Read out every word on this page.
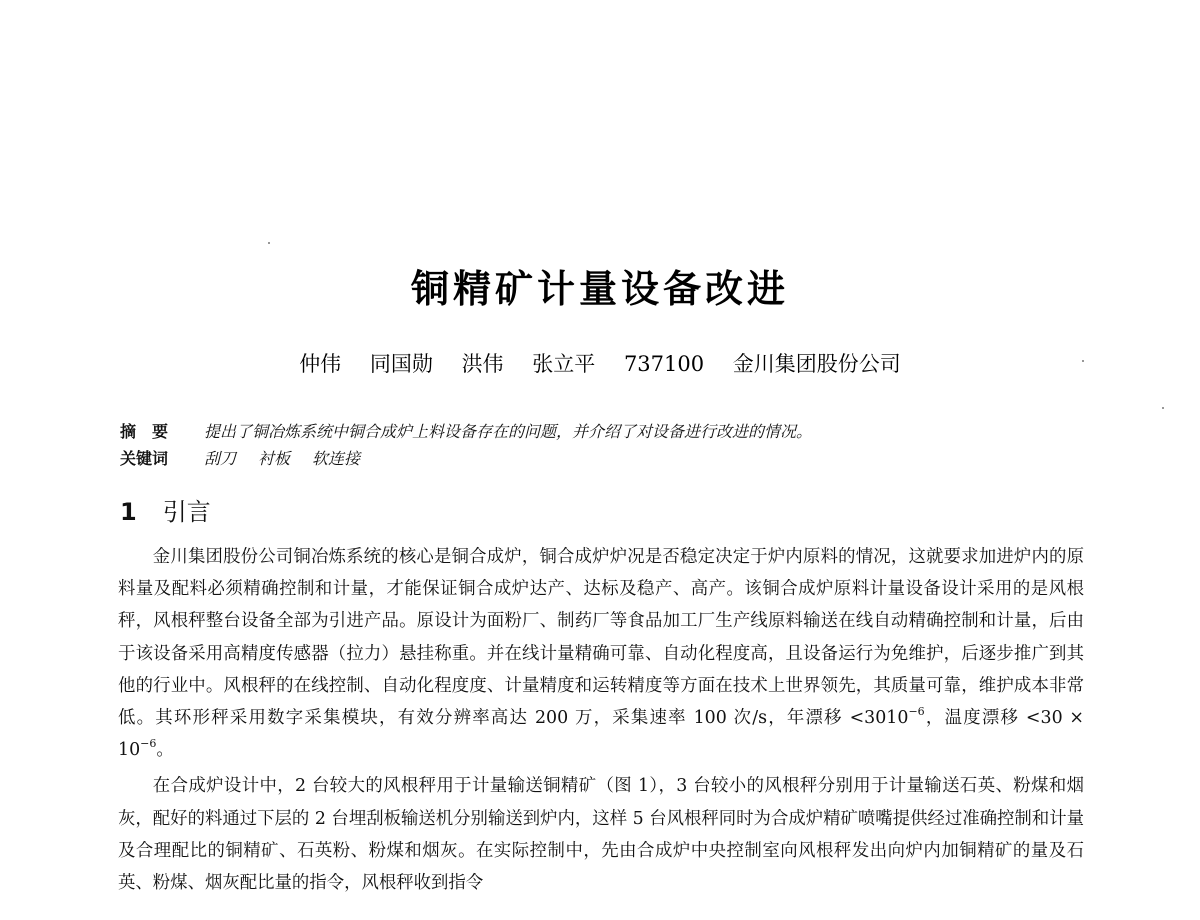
铜精矿计量设备改进
仲伟 同国勋 洪伟 张立平 737100 金川集团股份公司
摘　要 提出了铜冶炼系统中铜合成炉上料设备存在的问题，并介绍了对设备进行改进的情况。
关键词 刮刀 衬板 软连接
1 引言

金川集团股份公司铜冶炼系统的核心是铜合成炉，铜合成炉炉况是否稳定决定于炉内原料的情况，这就要求加进炉内的原料量及配料必须精确控制和计量，才能保证铜合成炉达产、达标及稳产、高产。该铜合成炉原料计量设备设计采用的是风根秤，风根秤整台设备全部为引进产品。原设计为面粉厂、制药厂等食品加工厂生产线原料输送在线自动精确控制和计量，后由于该设备采用高精度传感器（拉力）悬挂称重。并在线计量精确可靠、自动化程度高，且设备运行为免维护，后逐步推广到其他的行业中。风根秤的在线控制、自动化程度度、计量精度和运转精度等方面在技术上世界领先，其质量可靠，维护成本非常低。其环形秤采用数字采集模块，有效分辨率高达 200 万，采集速率 100 次/s，年漂移 $<3010^{-6}$，温度漂移 $<30 \times 10^{-6}$。

在合成炉设计中，2 台较大的风根秤用于计量输送铜精矿（图 1），3 台较小的风根秤分别用于计量输送石英、粉煤和烟灰，配好的料通过下层的 2 台埋刮板输送机分别输送到炉内，这样 5 台风根秤同时为合成炉精矿喷嘴提供经过准确控制和计量及合理配比的铜精矿、石英粉、粉煤和烟灰。在实际控制中，先由合成炉中央控制室向风根秤发出向炉内加铜精矿的量及石英、粉煤、烟灰配比量的指令，风根秤收到指令
